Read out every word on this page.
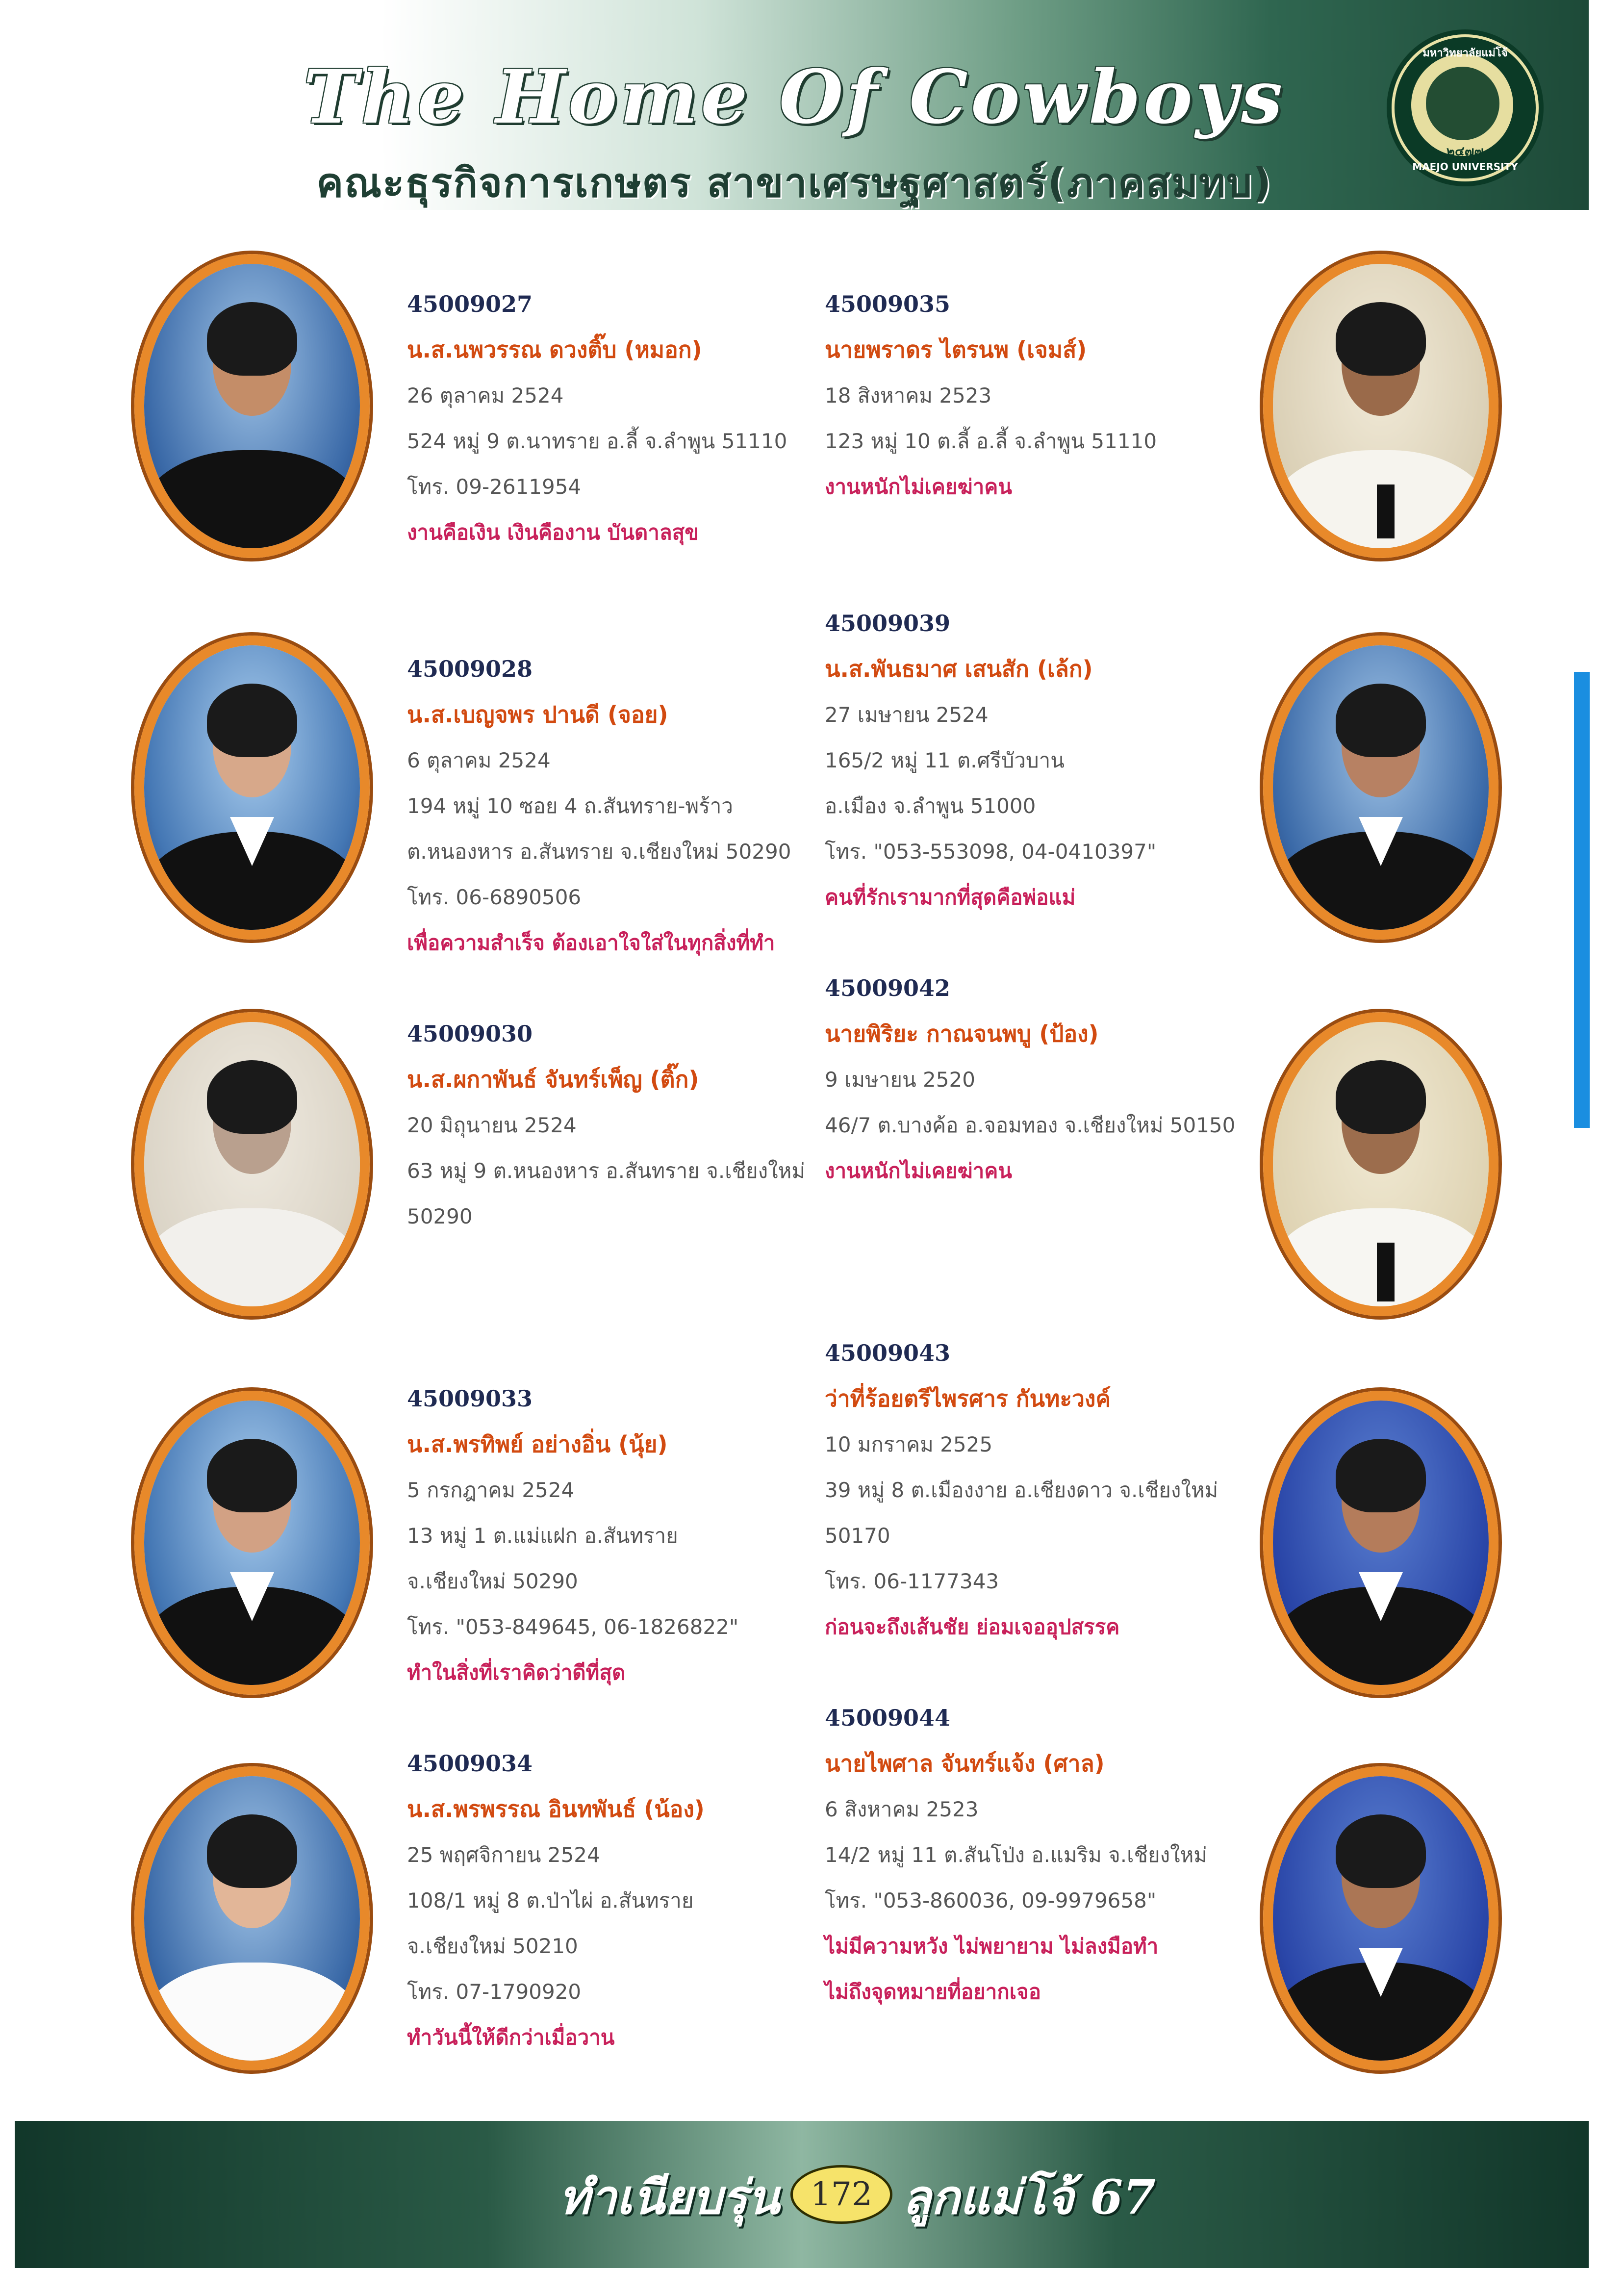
The Home Of Cowboys
คณะธุรกิจการเกษตร สาขาเศรษฐศาสตร์(ภาคสมทบ)
มหาวิทยาลัยแม่โจ้
๒๔๗๗
MAEJO UNIVERSITY
45009027
น.ส.นพวรรณ ดวงติ๊บ (หมอก)
26 ตุลาคม 2524
524 หมู่ 9 ต.นาทราย อ.ลี้ จ.ลำพูน 51110
โทร. 09-2611954
งานคือเงิน เงินคืองาน บันดาลสุข
45009035
นายพราดร ไตรนพ (เจมส์)
18 สิงหาคม 2523
123 หมู่ 10 ต.ลี้ อ.ลี้ จ.ลำพูน 51110
งานหนักไม่เคยฆ่าคน
45009028
น.ส.เบญจพร ปานดี (จอย)
6 ตุลาคม 2524
194 หมู่ 10 ซอย 4 ถ.สันทราย-พร้าว
ต.หนองหาร อ.สันทราย จ.เชียงใหม่ 50290
โทร. 06-6890506
เพื่อความสำเร็จ ต้องเอาใจใส่ในทุกสิ่งที่ทำ
45009039
น.ส.พันธมาศ เสนสัก (เล้ก)
27 เมษายน 2524
165/2 หมู่ 11 ต.ศรีบัวบาน
อ.เมือง จ.ลำพูน 51000
โทร. "053-553098, 04-0410397"
คนที่รักเรามากที่สุดคือพ่อแม่
45009030
น.ส.ผกาพันธ์ จันทร์เพ็ญ (ติ๊ก)
20 มิถุนายน 2524
63 หมู่ 9 ต.หนองหาร อ.สันทราย จ.เชียงใหม่
50290
45009042
นายพิริยะ กาณจนพบู (ป้อง)
9 เมษายน 2520
46/7 ต.บางค้อ อ.จอมทอง จ.เชียงใหม่ 50150
งานหนักไม่เคยฆ่าคน
45009033
น.ส.พรทิพย์ อย่างอิ่น (นุ้ย)
5 กรกฎาคม 2524
13 หมู่ 1 ต.แม่แฝก อ.สันทราย
จ.เชียงใหม่ 50290
โทร. "053-849645, 06-1826822"
ทำในสิ่งที่เราคิดว่าดีที่สุด
45009043
ว่าที่ร้อยตรีไพรศาร กันทะวงค์
10 มกราคม 2525
39 หมู่ 8 ต.เมืองงาย อ.เชียงดาว จ.เชียงใหม่
50170
โทร. 06-1177343
ก่อนจะถึงเส้นชัย ย่อมเจออุปสรรค
45009034
น.ส.พรพรรณ อินทพันธ์ (น้อง)
25 พฤศจิกายน 2524
108/1 หมู่ 8 ต.ป่าไผ่ อ.สันทราย
จ.เชียงใหม่ 50210
โทร. 07-1790920
ทำวันนี้ให้ดีกว่าเมื่อวาน
45009044
นายไพศาล จันทร์แจ้ง (ศาล)
6 สิงหาคม 2523
14/2 หมู่ 11 ต.สันโป่ง อ.แมริม จ.เชียงใหม่
โทร. "053-860036, 09-9979658"
ไม่มีความหวัง ไม่พยายาม ไม่ลงมือทำ
ไม่ถึงจุดหมายที่อยากเจอ
ทำเนียบรุ่น 172 ลูกแม่โจ้ 67
